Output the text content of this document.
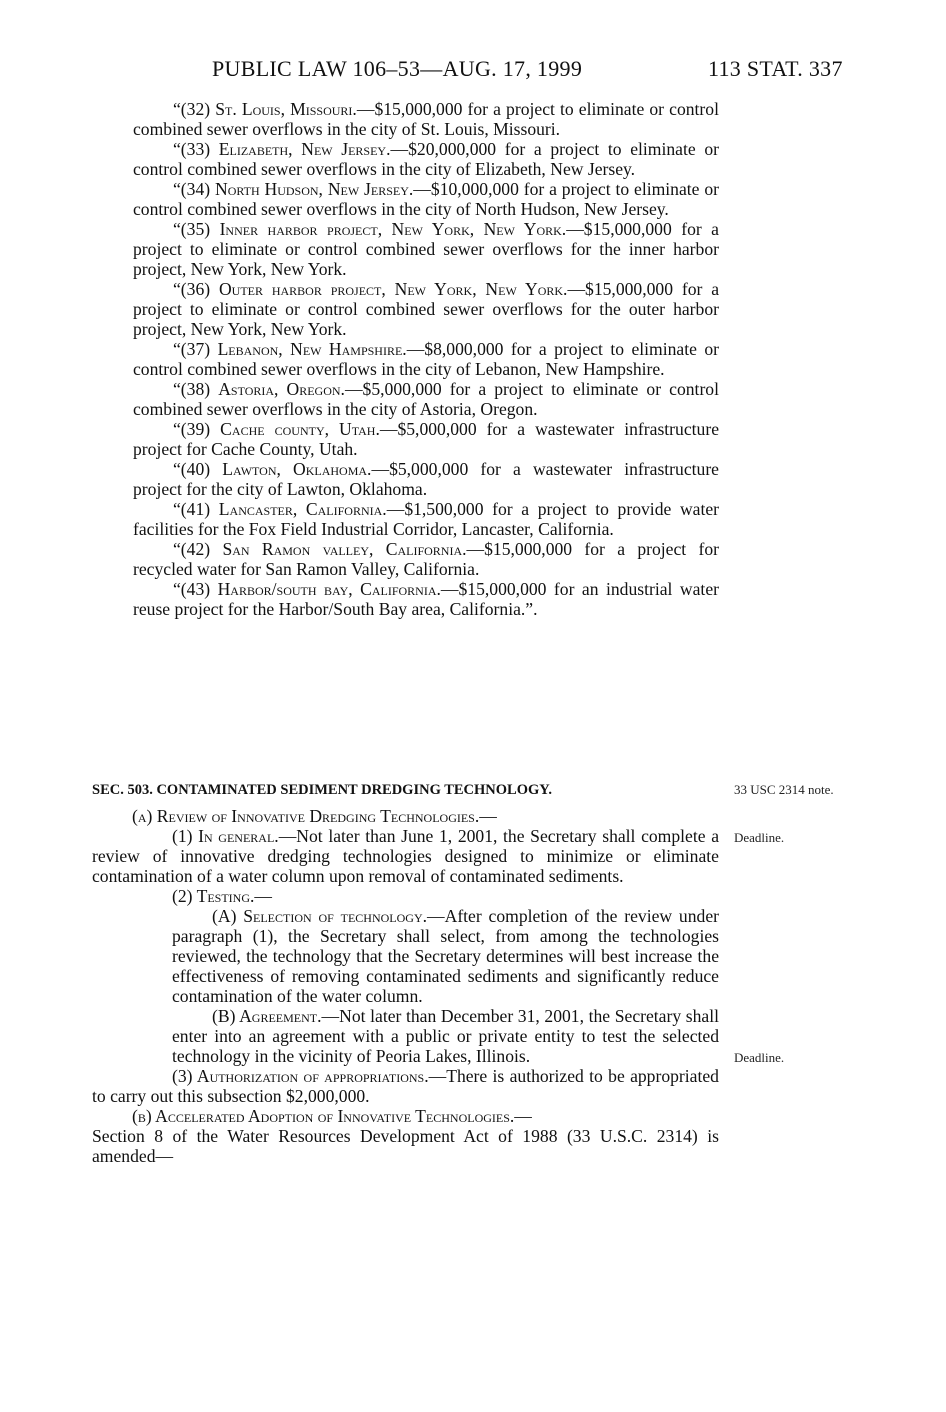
PUBLIC LAW 106–53—AUG. 17, 1999	113 STAT. 337

“(32) St. Louis, Missouri.—$15,000,000 for a project to eliminate or control combined sewer overflows in the city of St. Louis, Missouri.

“(33) Elizabeth, New Jersey.—$20,000,000 for a project to eliminate or control combined sewer overflows in the city of Elizabeth, New Jersey.

“(34) North Hudson, New Jersey.—$10,000,000 for a project to eliminate or control combined sewer overflows in the city of North Hudson, New Jersey.

“(35) Inner harbor project, New York, New York.—$15,000,000 for a project to eliminate or control combined sewer overflows for the inner harbor project, New York, New York.

“(36) Outer harbor project, New York, New York.—$15,000,000 for a project to eliminate or control combined sewer overflows for the outer harbor project, New York, New York.

“(37) Lebanon, New Hampshire.—$8,000,000 for a project to eliminate or control combined sewer overflows in the city of Lebanon, New Hampshire.

“(38) Astoria, Oregon.—$5,000,000 for a project to eliminate or control combined sewer overflows in the city of Astoria, Oregon.

“(39) Cache county, Utah.—$5,000,000 for a wastewater infrastructure project for Cache County, Utah.

“(40) Lawton, Oklahoma.—$5,000,000 for a wastewater infrastructure project for the city of Lawton, Oklahoma.

“(41) Lancaster, California.—$1,500,000 for a project to provide water facilities for the Fox Field Industrial Corridor, Lancaster, California.

“(42) San Ramon valley, California.—$15,000,000 for a project for recycled water for San Ramon Valley, California.

“(43) Harbor/south bay, California.—$15,000,000 for an industrial water reuse project for the Harbor/South Bay area, California.”.

SEC. 503. CONTAMINATED SEDIMENT DREDGING TECHNOLOGY.	33 USC 2314 note.
Deadline.
Deadline.

(a) Review of Innovative Dredging Technologies.—

(1) In general.—Not later than June 1, 2001, the Secretary shall complete a review of innovative dredging technologies designed to minimize or eliminate contamination of a water column upon removal of contaminated sediments.

(2) Testing.—

(A) Selection of technology.—After completion of the review under paragraph (1), the Secretary shall select, from among the technologies reviewed, the technology that the Secretary determines will best increase the effectiveness of removing contaminated sediments and significantly reduce contamination of the water column.

(B) Agreement.—Not later than December 31, 2001, the Secretary shall enter into an agreement with a public or private entity to test the selected technology in the vicinity of Peoria Lakes, Illinois.

(3) Authorization of appropriations.—There is authorized to be appropriated to carry out this subsection $2,000,000.

(b) Accelerated Adoption of Innovative Technologies.—

Section 8 of the Water Resources Development Act of 1988 (33 U.S.C. 2314) is amended—
